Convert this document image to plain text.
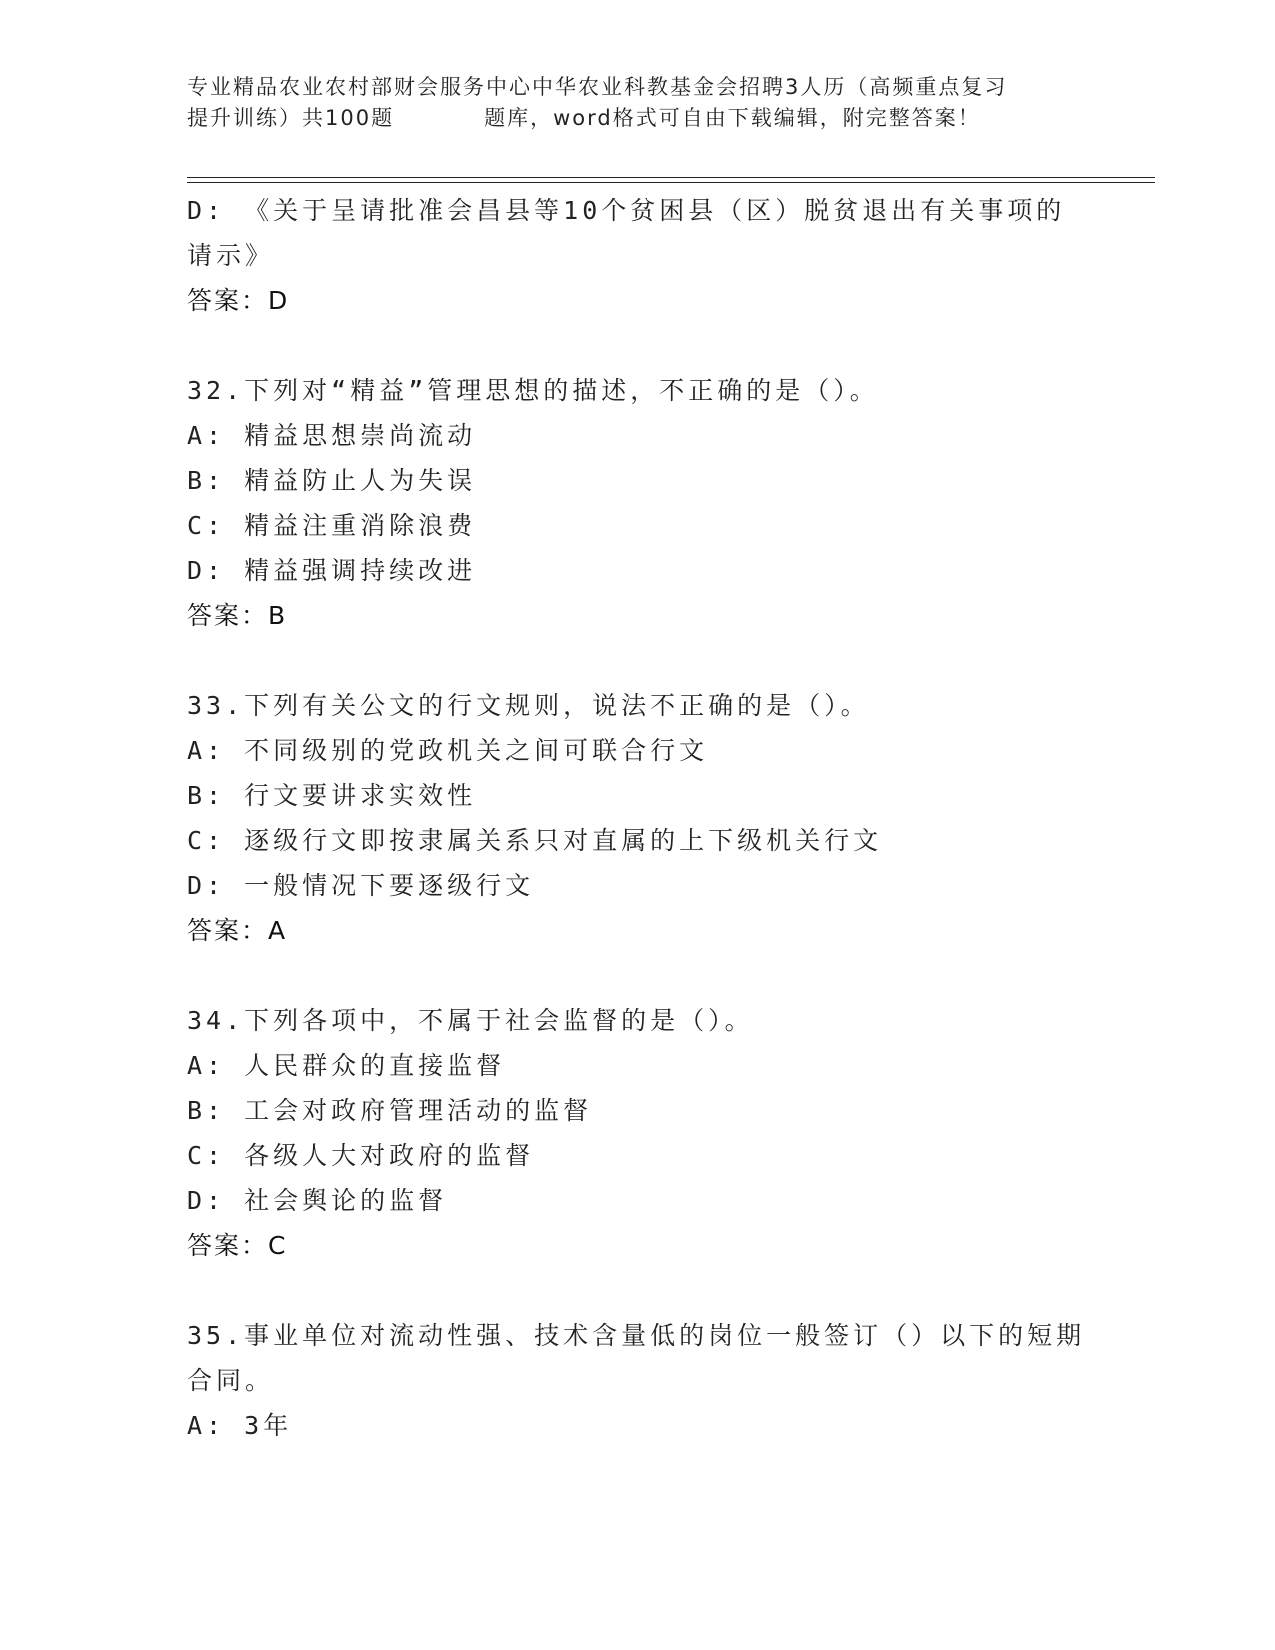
专业精品农业农村部财会服务中心中华农业科教基金会招聘3人历（高频重点复习
提升训练）共100题	题库，word格式可自由下载编辑，附完整答案！
D: 《关于呈请批准会昌县等10个贫困县（区）脱贫退出有关事项的
请示》
答案：D
32.下列对“精益”管理思想的描述，不正确的是（）。
A: 精益思想崇尚流动
B: 精益防止人为失误
C: 精益注重消除浪费
D: 精益强调持续改进
答案：B
33.下列有关公文的行文规则，说法不正确的是（）。
A: 不同级别的党政机关之间可联合行文
B: 行文要讲求实效性
C: 逐级行文即按隶属关系只对直属的上下级机关行文
D: 一般情况下要逐级行文
答案：A
34.下列各项中，不属于社会监督的是（）。
A: 人民群众的直接监督
B: 工会对政府管理活动的监督
C: 各级人大对政府的监督
D: 社会舆论的监督
答案：C
35.事业单位对流动性强、技术含量低的岗位一般签订（）以下的短期
合同。
A: 3年
